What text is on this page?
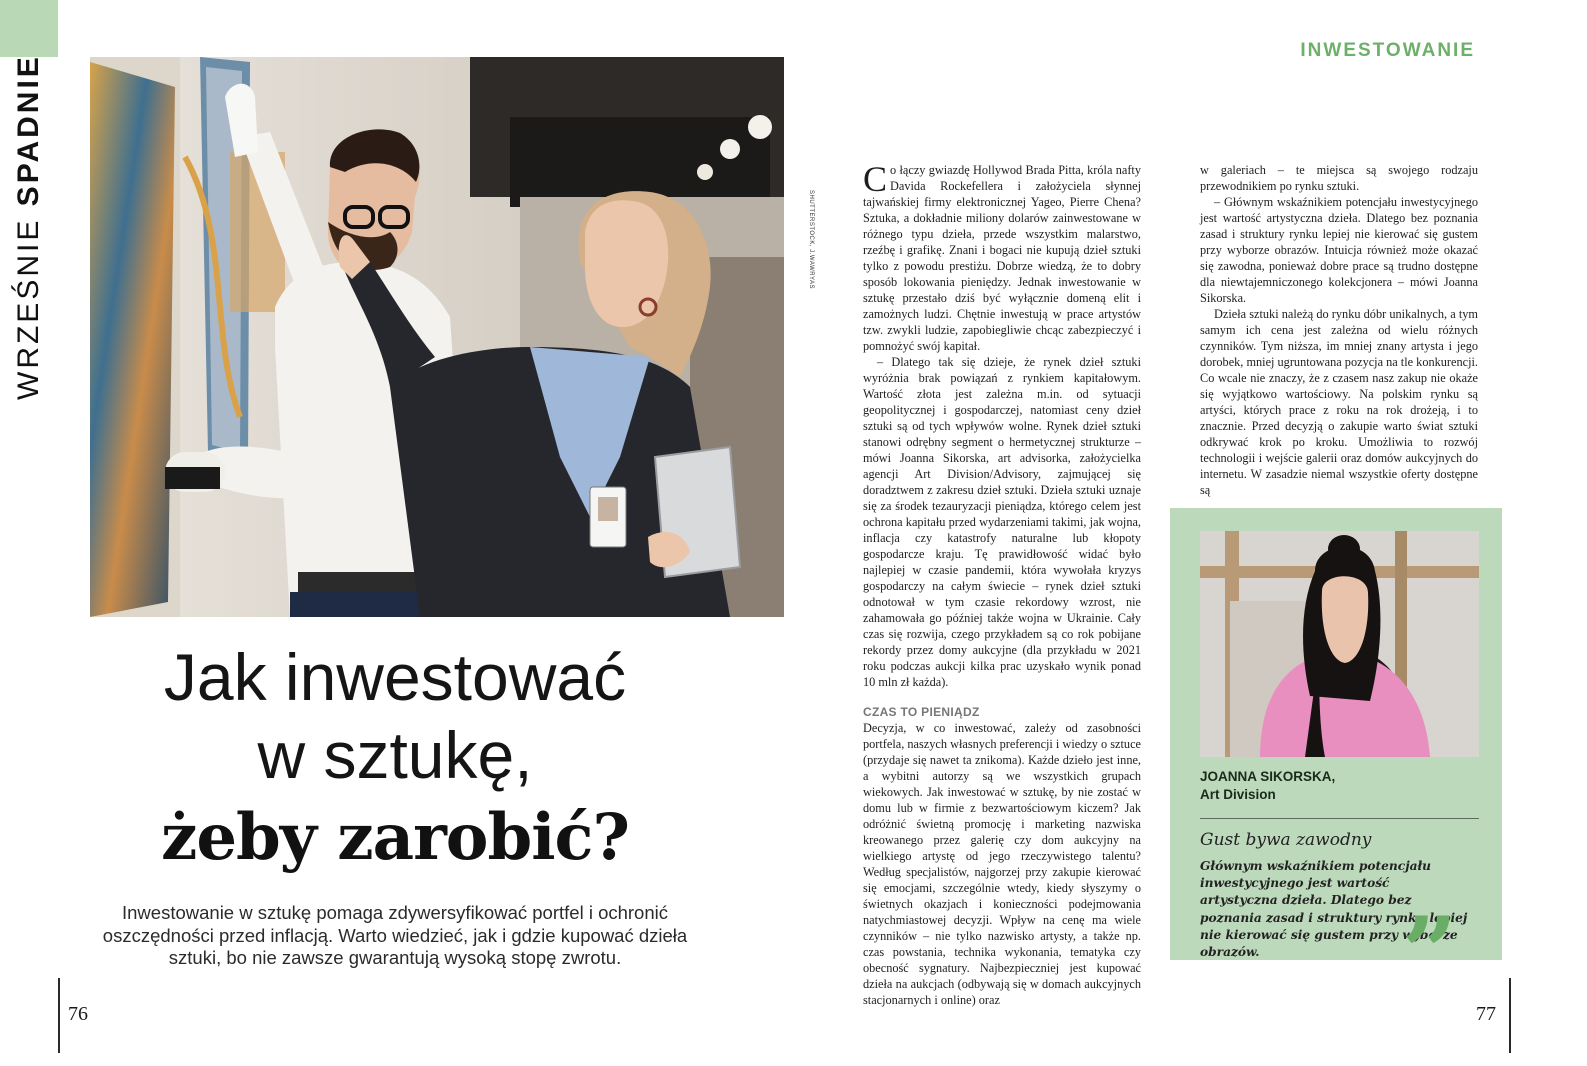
WRZEŚNIE SPADNIE
SHUTTERSTOCK, J.WAWRYAS
Jak inwestować
w sztukę,
żeby zarobić?
Inwestowanie w sztukę pomaga zdywersyfikować portfel i ochronić oszczędności przed inflacją. Warto wiedzieć, jak i gdzie kupować dzieła sztuki, bo nie zawsze gwarantują wysoką stopę zwrotu.
76	77
INWESTOWANIE

Co łączy gwiazdę Hollywod Brada Pitta, króla nafty Davida Rockefellera i założyciela słynnej tajwańskiej firmy elektronicznej Yageo, Pierre Chena? Sztuka, a dokładnie miliony dolarów zainwestowane w różnego typu dzieła, przede wszystkim malarstwo, rzeźbę i grafikę. Znani i bogaci nie kupują dzieł sztuki tylko z powodu prestiżu. Dobrze wiedzą, że to dobry sposób lokowania pieniędzy. Jednak inwestowanie w sztukę przestało dziś być wyłącznie domeną elit i zamożnych ludzi. Chętnie inwestują w prace artystów tzw. zwykli ludzie, zapobiegliwie chcąc zabezpieczyć i pomnożyć swój kapitał.

– Dlatego tak się dzieje, że rynek dzieł sztuki wyróżnia brak powiązań z rynkiem kapitałowym. Wartość złota jest zależna m.in. od sytuacji geopolitycznej i gospodarczej, natomiast ceny dzieł sztuki są od tych wpływów wolne. Rynek dzieł sztuki stanowi odrębny segment o hermetycznej strukturze – mówi Joanna Sikorska, art advisorka, założycielka agencji Art Division/Advisory, zajmującej się doradztwem z zakresu dzieł sztuki. Dzieła sztuki uznaje się za środek tezauryzacji pieniądza, którego celem jest ochrona kapitału przed wydarzeniami takimi, jak wojna, inflacja czy katastrofy naturalne lub kłopoty gospodarcze kraju. Tę prawidłowość widać było najlepiej w czasie pandemii, która wywołała kryzys gospodarczy na całym świecie – rynek dzieł sztuki odnotował w tym czasie rekordowy wzrost, nie zahamowała go później także wojna w Ukrainie. Cały czas się rozwija, czego przykładem są co rok pobijane rekordy przez domy aukcyjne (dla przykładu w 2021 roku podczas aukcji kilka prac uzyskało wynik ponad 10 mln zł każda).

CZAS TO PIENIĄDZ

Decyzja, w co inwestować, zależy od zasobności portfela, naszych własnych preferencji i wiedzy o sztuce (przydaje się nawet ta znikoma). Każde dzieło jest inne, a wybitni autorzy są we wszystkich grupach wiekowych. Jak inwestować w sztukę, by nie zostać w domu lub w firmie z bezwartościowym kiczem? Jak odróżnić świetną promocję i marketing nazwiska kreowanego przez galerię czy dom aukcyjny na wielkiego artystę od jego rzeczywistego talentu? Według specjalistów, najgorzej przy zakupie kierować się emocjami, szczególnie wtedy, kiedy słyszymy o świetnych okazjach i konieczności podejmowania natychmiastowej decyzji. Wpływ na cenę ma wiele czynników – nie tylko nazwisko artysty, a także np. czas powstania, technika wykonania, tematyka czy obecność sygnatury. Najbezpieczniej jest kupować dzieła na aukcjach (odbywają się w domach aukcyjnych stacjonarnych i online) oraz

w galeriach – te miejsca są swojego rodzaju przewodnikiem po rynku sztuki.

– Głównym wskaźnikiem potencjału inwestycyjnego jest wartość artystyczna dzieła. Dlatego bez poznania zasad i struktury rynku lepiej nie kierować się gustem przy wyborze obrazów. Intuicja również może okazać się zawodna, ponieważ dobre prace są trudno dostępne dla niewtajemniczonego kolekcjonera – mówi Joanna Sikorska.

Dzieła sztuki należą do rynku dóbr unikalnych, a tym samym ich cena jest zależna od wielu różnych czynników. Tym niższa, im mniej znany artysta i jego dorobek, mniej ugruntowana pozycja na tle konkurencji. Co wcale nie znaczy, że z czasem nasz zakup nie okaże się wyjątkowo wartościowy. Na polskim rynku są artyści, których prace z roku na rok drożeją, i to znacznie. Przed decyzją o zakupie warto świat sztuki odkrywać krok po kroku. Umożliwia to rozwój technologii i wejście galerii oraz domów aukcyjnych do internetu. W zasadzie niemal wszystkie oferty dostępne są

JOANNA SIKORSKA,
Art Division
Gust bywa zawodny
Głównym wskaźnikiem potencjału inwestycyjnego jest wartość artystyczna dzieła. Dlatego bez poznania zasad i struktury rynku lepiej nie kierować się gustem przy wyborze obrazów.	”
